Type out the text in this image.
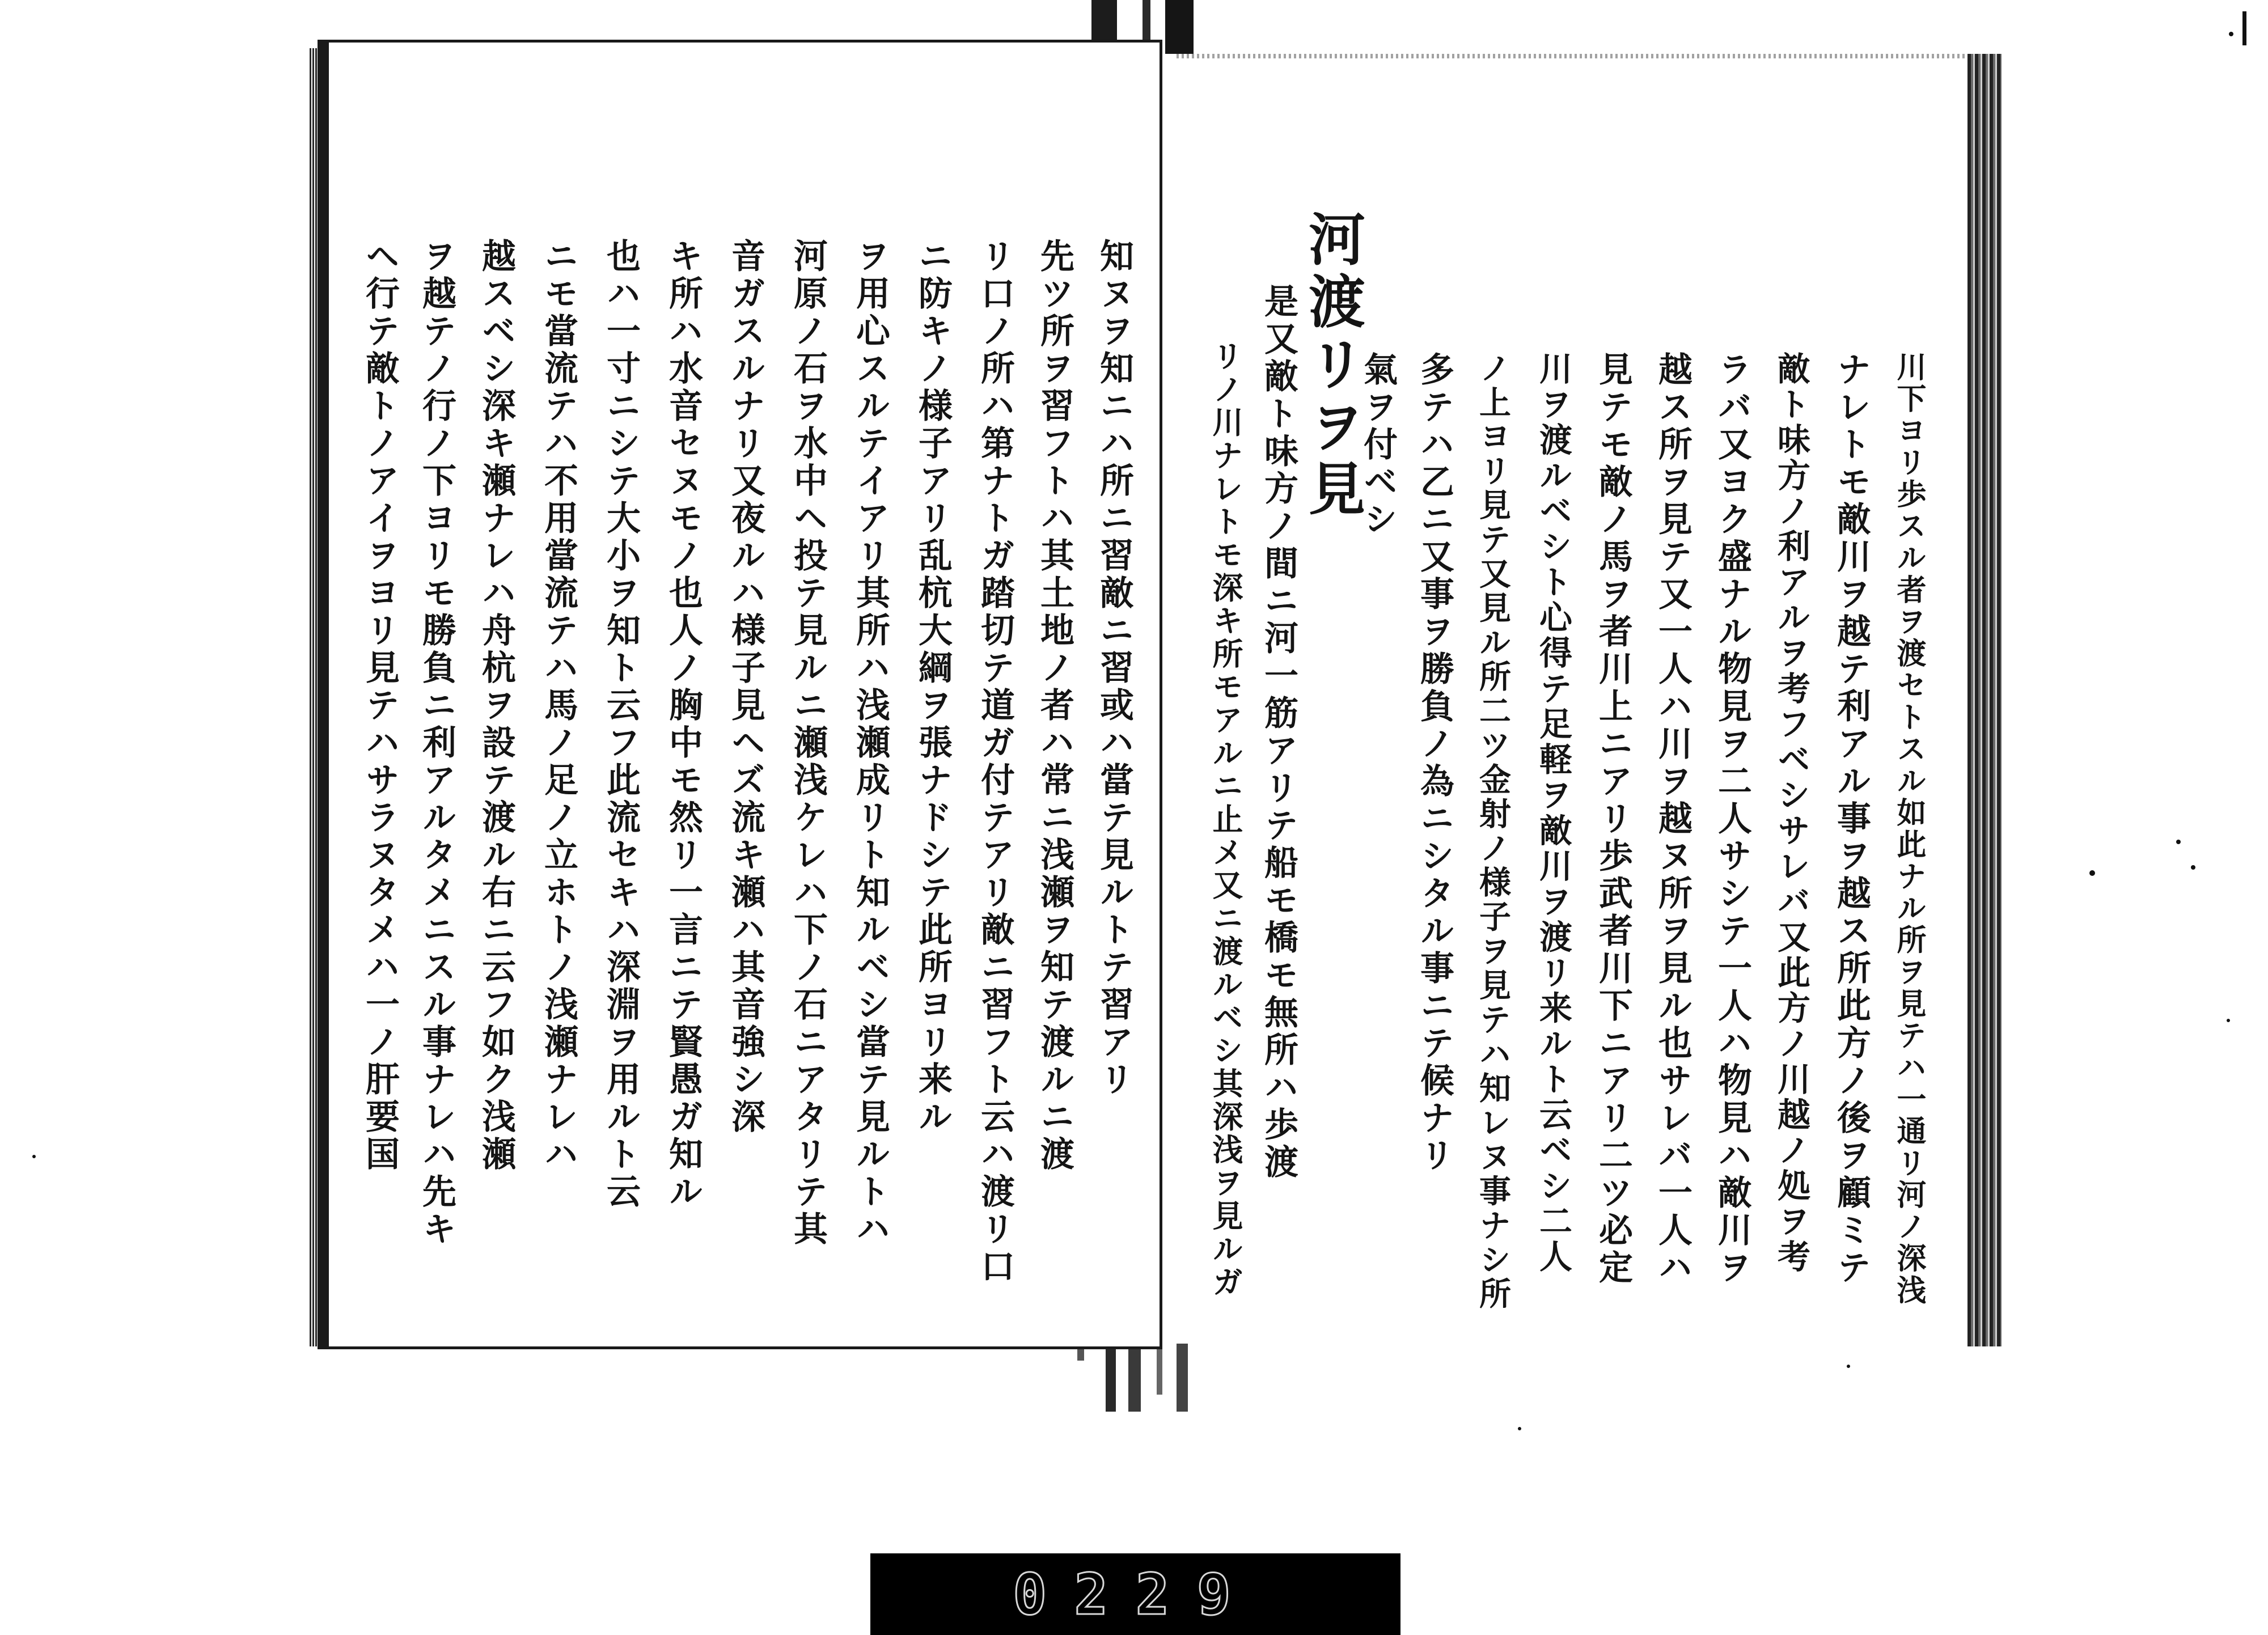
知ヌヲ知ニハ所ニ習敵ニ習或ハ當テ見ルトテ習アリ
先ツ所ヲ習フトハ其土地ノ者ハ常ニ浅瀬ヲ知テ渡ルニ渡
リ口ノ所ハ第ナトガ踏切テ道ガ付テアリ敵ニ習フト云ハ渡リ口
ニ防キノ様子アリ乱杭大綱ヲ張ナドシテ此所ヨリ来ル
ヲ用心スルテイアリ其所ハ浅瀬成リト知ルベシ當テ見ルトハ
河原ノ石ヲ水中ヘ投テ見ルニ瀬浅ケレハ下ノ石ニアタリテ其
音ガスルナリ又夜ルハ様子見ヘズ流キ瀬ハ其音強シ深
キ所ハ水音セヌモノ也人ノ胸中モ然リ一言ニテ賢愚ガ知ル
也ハ一寸ニシテ大小ヲ知ト云フ此流セキハ深淵ヲ用ルト云
ニモ當流テハ不用當流テハ馬ノ足ノ立ホトノ浅瀬ナレハ
越スベシ深キ瀬ナレハ舟杭ヲ設テ渡ル右ニ云フ如ク浅瀬
ヲ越テノ行ノ下ヨリモ勝負ニ利アルタメニスル事ナレハ先キ
ヘ行テ敵トノアイヲヨリ見テハサラヌタメハ一ノ肝要国	川下ヨリ歩スル者ヲ渡セトスル如此ナル所ヲ見テハ一通リ河ノ深浅
ナレトモ敵川ヲ越テ利アル事ヲ越ス所此方ノ後ヲ顧ミテ
敵ト味方ノ利アルヲ考フベシサレバ又此方ノ川越ノ処ヲ考
ラバ又ヨク盛ナル物見ヲ二人サシテ一人ハ物見ハ敵川ヲ
越ス所ヲ見テ又一人ハ川ヲ越ヌ所ヲ見ル也サレバ一人ハ
見テモ敵ノ馬ヲ者川上ニアリ歩武者川下ニアリ二ツ必定
川ヲ渡ルベシト心得テ足軽ヲ敵川ヲ渡リ来ルト云ベシ二人
ノ上ヨリ見テ又見ル所二ツ金射ノ様子ヲ見テハ知レヌ事ナシ所
多テハ乙ニ又事ヲ勝負ノ為ニシタル事ニテ候ナリ
氣ヲ付ベシ
河渡リヲ見
是又敵ト味方ノ間ニ河一筋アリテ船モ橋モ無所ハ歩渡
リノ川ナレトモ深キ所モアルニ止メ又ニ渡ルベシ其深浅ヲ見ルガ
0229
